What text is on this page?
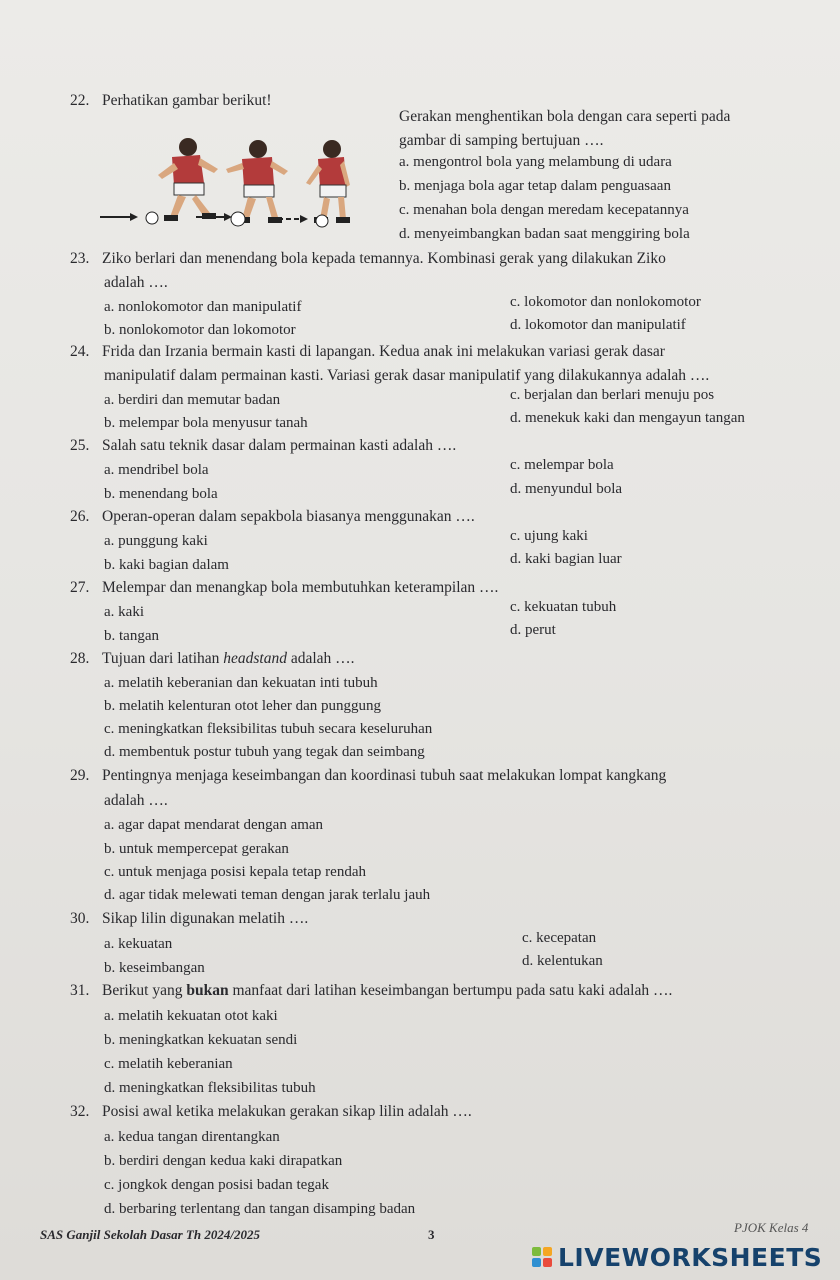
22. Perhatikan gambar berikut!
Gerakan menghentikan bola dengan cara seperti pada
gambar di samping bertujuan ….
a. mengontrol bola yang melambung di udara
b. menjaga bola agar tetap dalam penguasaan
c. menahan bola dengan meredam kecepatannya
d. menyeimbangkan badan saat menggiring bola
23. Ziko berlari dan menendang bola kepada temannya. Kombinasi gerak yang dilakukan Ziko
adalah ….
a. nonlokomotor dan manipulatif
b. nonlokomotor dan lokomotor
c. lokomotor dan nonlokomotor
d. lokomotor dan manipulatif
24. Frida dan Irzania bermain kasti di lapangan. Kedua anak ini melakukan variasi gerak dasar
manipulatif dalam permainan kasti. Variasi gerak dasar manipulatif yang dilakukannya adalah ….
a. berdiri dan memutar badan
b. melempar bola menyusur tanah
c. berjalan dan berlari menuju pos
d. menekuk kaki dan mengayun tangan
25. Salah satu teknik dasar dalam permainan kasti adalah ….
a. mendribel bola
b. menendang bola
c. melempar bola
d. menyundul bola
26. Operan-operan dalam sepakbola biasanya menggunakan ….
a. punggung kaki
b. kaki bagian dalam
c. ujung kaki
d. kaki bagian luar
27. Melempar dan menangkap bola membutuhkan keterampilan ….
a. kaki
b. tangan
c. kekuatan tubuh
d. perut
28. Tujuan dari latihan headstand adalah ….
a. melatih keberanian dan kekuatan inti tubuh
b. melatih kelenturan otot leher dan punggung
c. meningkatkan fleksibilitas tubuh secara keseluruhan
d. membentuk postur tubuh yang tegak dan seimbang
29. Pentingnya menjaga keseimbangan dan koordinasi tubuh saat melakukan lompat kangkang
adalah ….
a. agar dapat mendarat dengan aman
b. untuk mempercepat gerakan
c. untuk menjaga posisi kepala tetap rendah
d. agar tidak melewati teman dengan jarak terlalu jauh
30. Sikap lilin digunakan melatih ….
a. kekuatan
b. keseimbangan
c. kecepatan
d. kelentukan
31. Berikut yang bukan manfaat dari latihan keseimbangan bertumpu pada satu kaki adalah ….
a. melatih kekuatan otot kaki
b. meningkatkan kekuatan sendi
c. melatih keberanian
d. meningkatkan fleksibilitas tubuh
32. Posisi awal ketika melakukan gerakan sikap lilin adalah ….
a. kedua tangan direntangkan
b. berdiri dengan kedua kaki dirapatkan
c. jongkok dengan posisi badan tegak
d. berbaring terlentang dan tangan disamping badan
SAS Ganjil Sekolah Dasar Th 2024/2025	3	PJOK Kelas 4
LIVEWORKSHEETS
